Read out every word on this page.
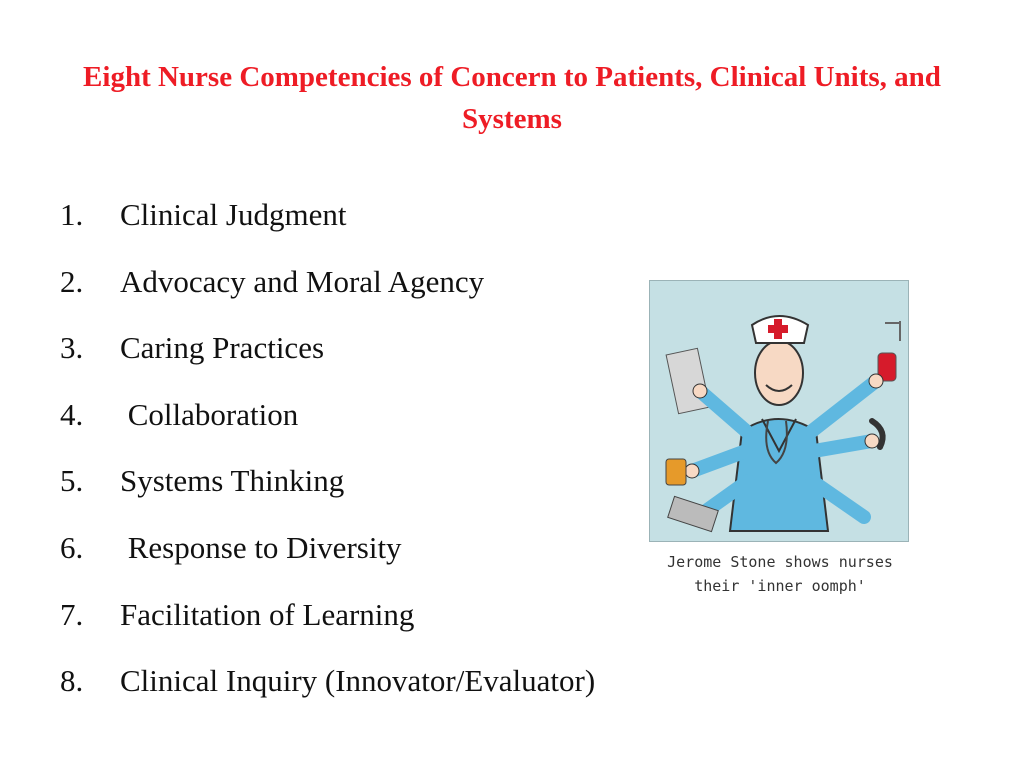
Eight Nurse Competencies of Concern to Patients, Clinical Units, and Systems
1.	Clinical Judgment
2.	Advocacy and Moral Agency
3.	Caring Practices
4.	Collaboration
5.	Systems Thinking
6.	Response to Diversity
7.	Facilitation of Learning
8.	Clinical Inquiry (Innovator/Evaluator)
Jerome Stone shows nurses
their 'inner oomph'
